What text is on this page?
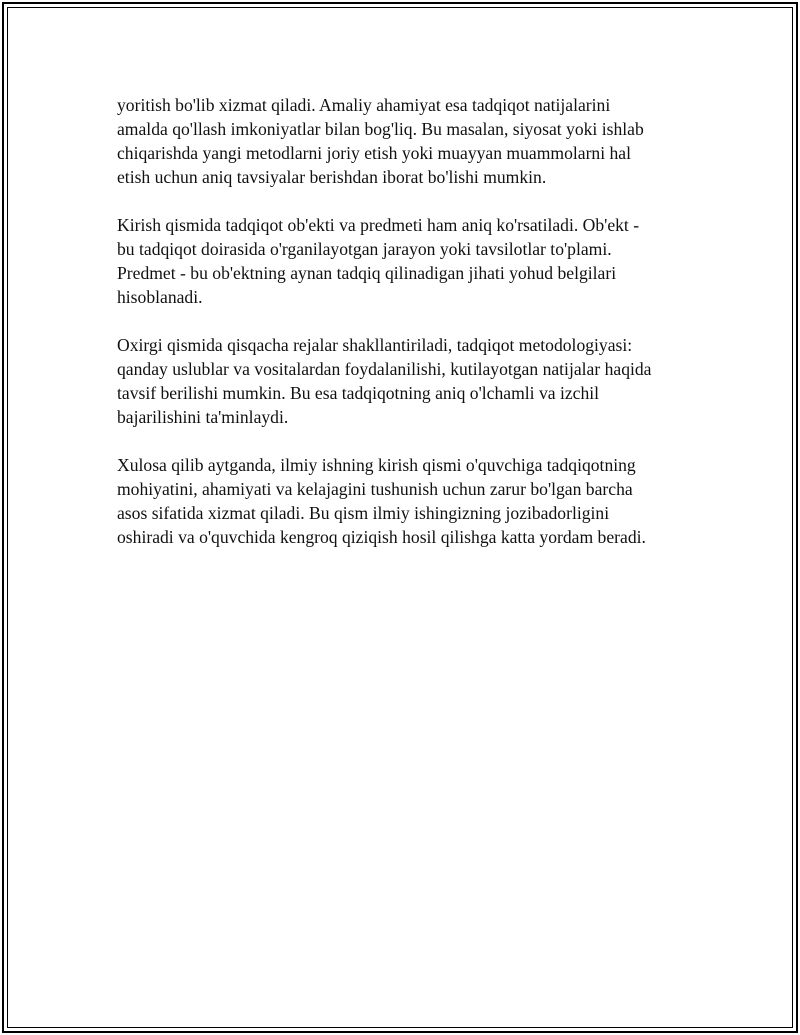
yoritish bo'lib xizmat qiladi. Amaliy ahamiyat esa tadqiqot natijalarini
amalda qo'llash imkoniyatlar bilan bog'liq. Bu masalan, siyosat yoki ishlab
chiqarishda yangi metodlarni joriy etish yoki muayyan muammolarni hal
etish uchun aniq tavsiyalar berishdan iborat bo'lishi mumkin.

Kirish qismida tadqiqot ob'ekti va predmeti ham aniq ko'rsatiladi. Ob'ekt -
bu tadqiqot doirasida o'rganilayotgan jarayon yoki tavsilotlar to'plami.
Predmet - bu ob'ektning aynan tadqiq qilinadigan jihati yohud belgilari
hisoblanadi.

Oxirgi qismida qisqacha rejalar shakllantiriladi, tadqiqot metodologiyasi:
qanday uslublar va vositalardan foydalanilishi, kutilayotgan natijalar haqida
tavsif berilishi mumkin. Bu esa tadqiqotning aniq o'lchamli va izchil
bajarilishini ta'minlaydi.

Xulosa qilib aytganda, ilmiy ishning kirish qismi o'quvchiga tadqiqotning
mohiyatini, ahamiyati va kelajagini tushunish uchun zarur bo'lgan barcha
asos sifatida xizmat qiladi. Bu qism ilmiy ishingizning jozibadorligini
oshiradi va o'quvchida kengroq qiziqish hosil qilishga katta yordam beradi.
